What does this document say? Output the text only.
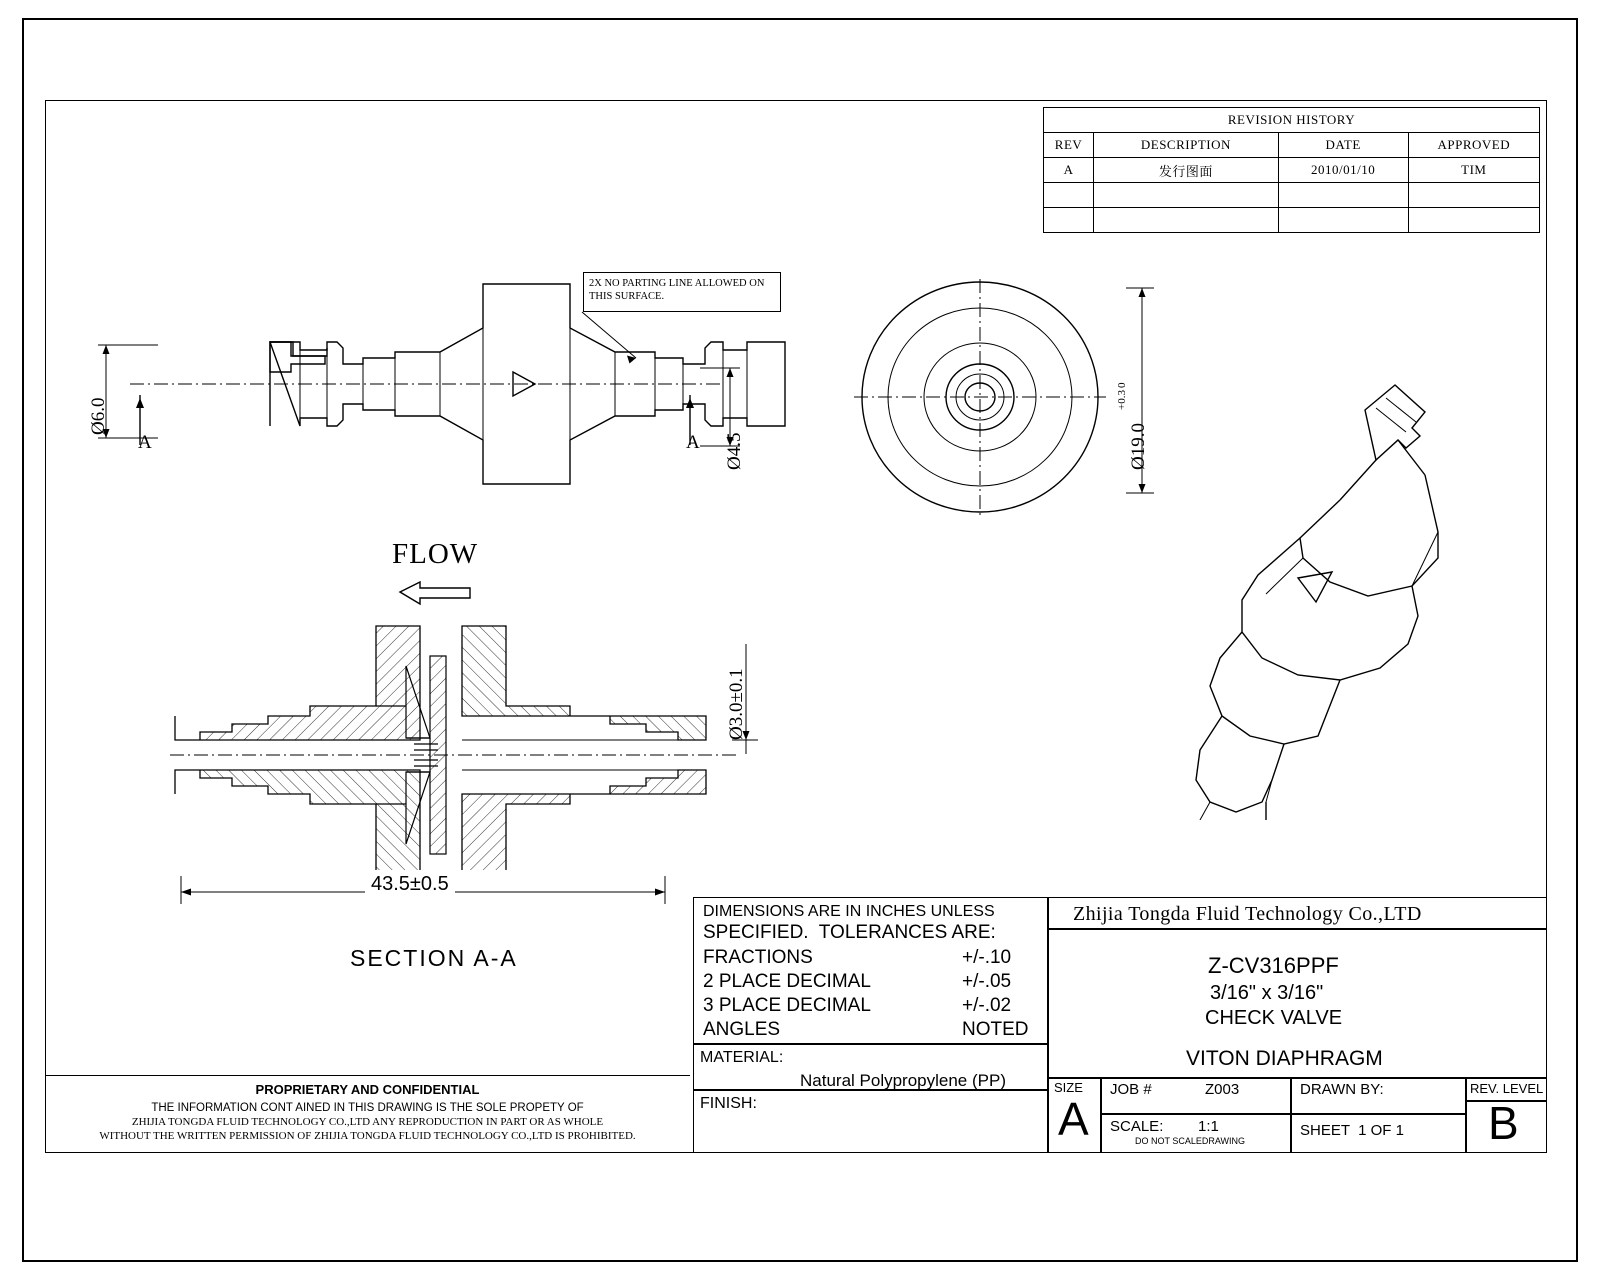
REVISION HISTORY			
REV	DESCRIPTION	DATE	APPROVED
A	发行图面	2010/01/10	TIM

Ø6.0
Ø4.5
A	A
2X NO PARTING LINE ALLOWED ON THIS SURFACE.
FLOW
Ø19.0
+0.3
0
Ø3.0±0.1
43.5±0.5
SECTION A-A
DIMENSIONS ARE IN INCHES UNLESS
SPECIFIED.  TOLERANCES ARE:
FRACTIONS	+/-.10
2 PLACE DECIMAL	+/-.05
3 PLACE DECIMAL	+/-.02
ANGLES	NOTED
MATERIAL:
Natural Polypropylene (PP)
FINISH:
Zhijia Tongda Fluid Technology Co.,LTD
Z-CV316PPF
3/16" x 3/16"
CHECK VALVE
VITON DIAPHRAGM
SIZE
A
JOB #	Z003
SCALE: 1:1
DO NOT SCALEDRAWING
DRAWN BY:
SHEET  1 OF 1
REV. LEVEL
B
PROPRIETARY AND CONFIDENTIAL
THE INFORMATION CONT AINED IN THIS DRAWING IS THE SOLE PROPETY OF
ZHIJIA TONGDA FLUID TECHNOLOGY CO.,LTD ANY REPRODUCTION IN PART OR AS WHOLE
WITHOUT THE WRITTEN PERMISSION OF ZHIJIA TONGDA FLUID TECHNOLOGY CO.,LTD IS PROHIBITED.
